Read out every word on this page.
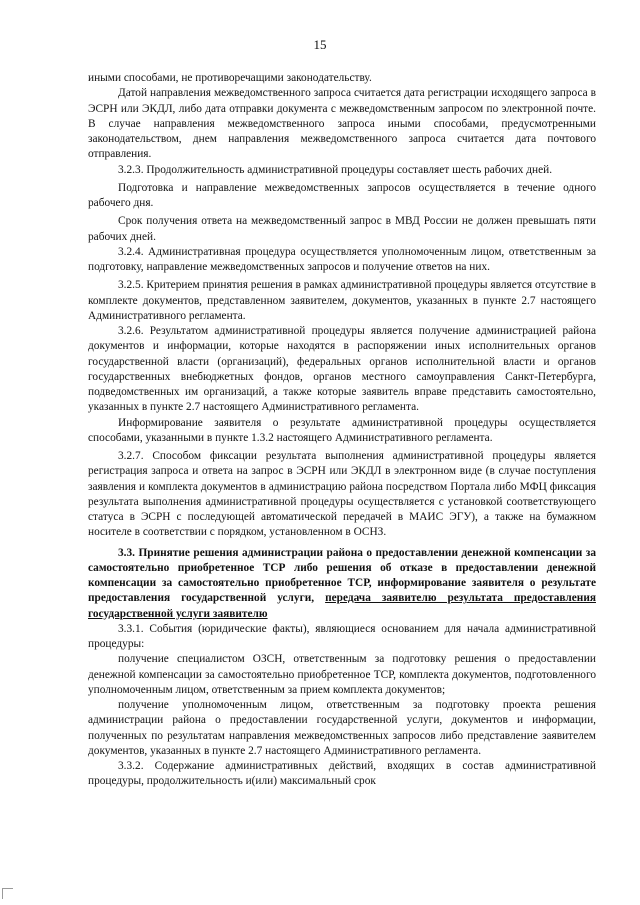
15

иными способами, не противоречащими законодательству.

Датой направления межведомственного запроса считается дата регистрации исходящего запроса в ЭСРН или ЭКДЛ, либо дата отправки документа с межведомственным запросом по электронной почте. В случае направления межведомственного запроса иными способами, предусмотренными законодательством, днем направления межведомственного запроса считается дата почтового отправления.

3.2.3. Продолжительность административной процедуры составляет шесть рабочих дней.

Подготовка и направление межведомственных запросов осуществляется в течение одного рабочего дня.

Срок получения ответа на межведомственный запрос в МВД России не должен превышать пяти рабочих дней.

3.2.4. Административная процедура осуществляется уполномоченным лицом, ответственным за подготовку, направление межведомственных запросов и получение ответов на них.

3.2.5. Критерием принятия решения в рамках административной процедуры является отсутствие в комплекте документов, представленном заявителем, документов, указанных в пункте 2.7 настоящего Административного регламента.

3.2.6. Результатом административной процедуры является получение администрацией района документов и информации, которые находятся в распоряжении иных исполнительных органов государственной власти (организаций), федеральных органов исполнительной власти и органов государственных внебюджетных фондов, органов местного самоуправления Санкт-Петербурга, подведомственных им организаций, а также которые заявитель вправе представить самостоятельно, указанных в пункте 2.7 настоящего Административного регламента.

Информирование заявителя о результате административной процедуры осуществляется способами, указанными в пункте 1.3.2 настоящего Административного регламента.

3.2.7. Способом фиксации результата выполнения административной процедуры является регистрация запроса и ответа на запрос в ЭСРН или ЭКДЛ в электронном виде (в случае поступления заявления и комплекта документов в администрацию района посредством Портала либо МФЦ фиксация результата выполнения административной процедуры осуществляется с установкой соответствующего статуса в ЭСРН с последующей автоматической передачей в МАИС ЭГУ), а также на бумажном носителе в соответствии с порядком, установленном в ОСНЗ.

3.3. Принятие решения администрации района о предоставлении денежной компенсации за самостоятельно приобретенное ТСР либо решения об отказе в предоставлении денежной компенсации за самостоятельно приобретенное ТСР, информирование заявителя о результате предоставления государственной услуги, передача заявителю результата предоставления государственной услуги заявителю

3.3.1. События (юридические факты), являющиеся основанием для начала административной процедуры:

получение специалистом ОЗСН, ответственным за подготовку решения о предоставлении денежной компенсации за самостоятельно приобретенное ТСР, комплекта документов, подготовленного уполномоченным лицом, ответственным за прием комплекта документов;

получение уполномоченным лицом, ответственным за подготовку проекта решения администрации района о предоставлении государственной услуги, документов и информации, полученных по результатам направления межведомственных запросов либо представление заявителем документов, указанных в пункте 2.7 настоящего Административного регламента.

3.3.2. Содержание административных действий, входящих в состав административной процедуры, продолжительность и(или) максимальный срок
